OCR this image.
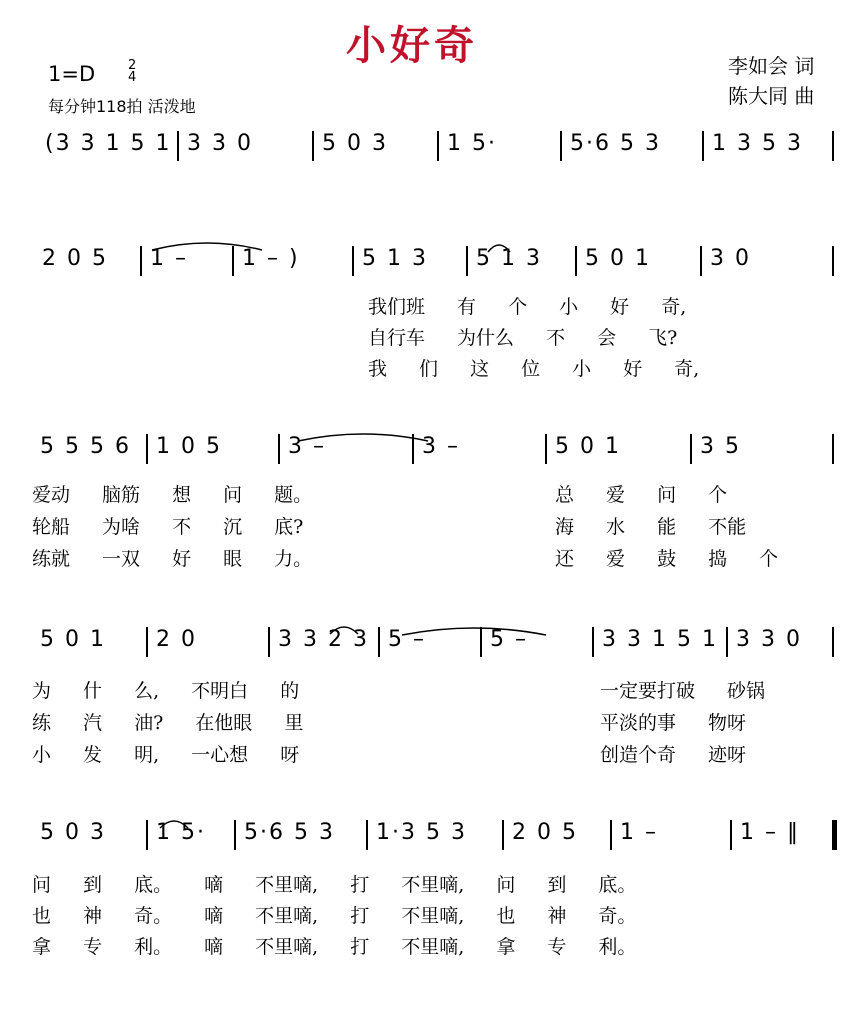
小好奇
1=D	2
4
每分钟118拍 活泼地
李如会 词
陈大同 曲
(3 3 1 5 1 3 3 0	5 0 3	1 5·	5·6 5 3 1 3 5 3
2 0 5 1 – 1 – )	5 1 3 5 1 3 5 0 1	3 0
我们班 有 个 小 好 奇,
自行车 为什么 不 会 飞?
我 们 这 位 小 好 奇,
5 5 5 6 1 0 5	3 –	3 –	5 0 1	3 5
爱动 脑筋 想 问 题。
轮船 为啥 不 沉 底?
练就 一双 好 眼 力。
总 爱 问 个
海 水 能 不能
还 爱 鼓 捣 个
5 0 1 2 0	3 3 2 3 5 –	5 –	3 3 1 5 1 3 3 0
为 什 么, 不明白 的
练 汽 油? 在他眼 里
小 发 明, 一心想 呀
一定要打破 砂锅
平淡的事 物呀
创造个奇 迹呀
5 0 3 1 5· 5·6 5 3 1·3 5 3 2 0 5 1 –	1 – ‖
问 到 底。 嘀 不里嘀, 打 不里嘀, 问 到 底。
也 神 奇。 嘀 不里嘀, 打 不里嘀, 也 神 奇。
拿 专 利。 嘀 不里嘀, 打 不里嘀, 拿 专 利。
